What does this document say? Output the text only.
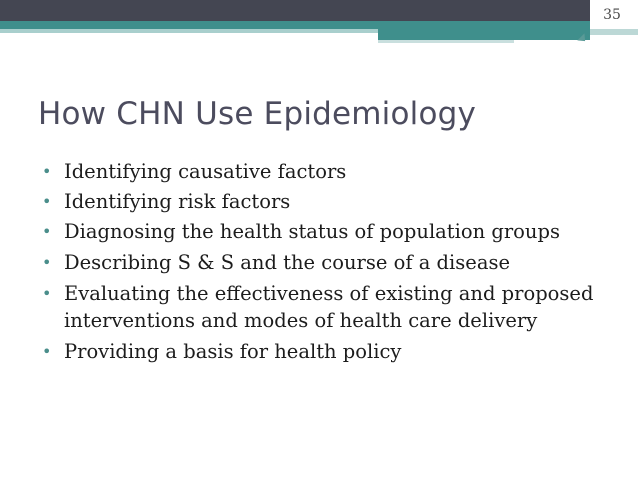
35
How CHN Use Epidemiology
• Identifying causative factors
• Identifying risk factors
• Diagnosing the health status of population groups
• Describing S & S and the course of a disease
• Evaluating the effectiveness of existing and proposed interventions and modes of health care delivery
• Providing a basis for health policy
